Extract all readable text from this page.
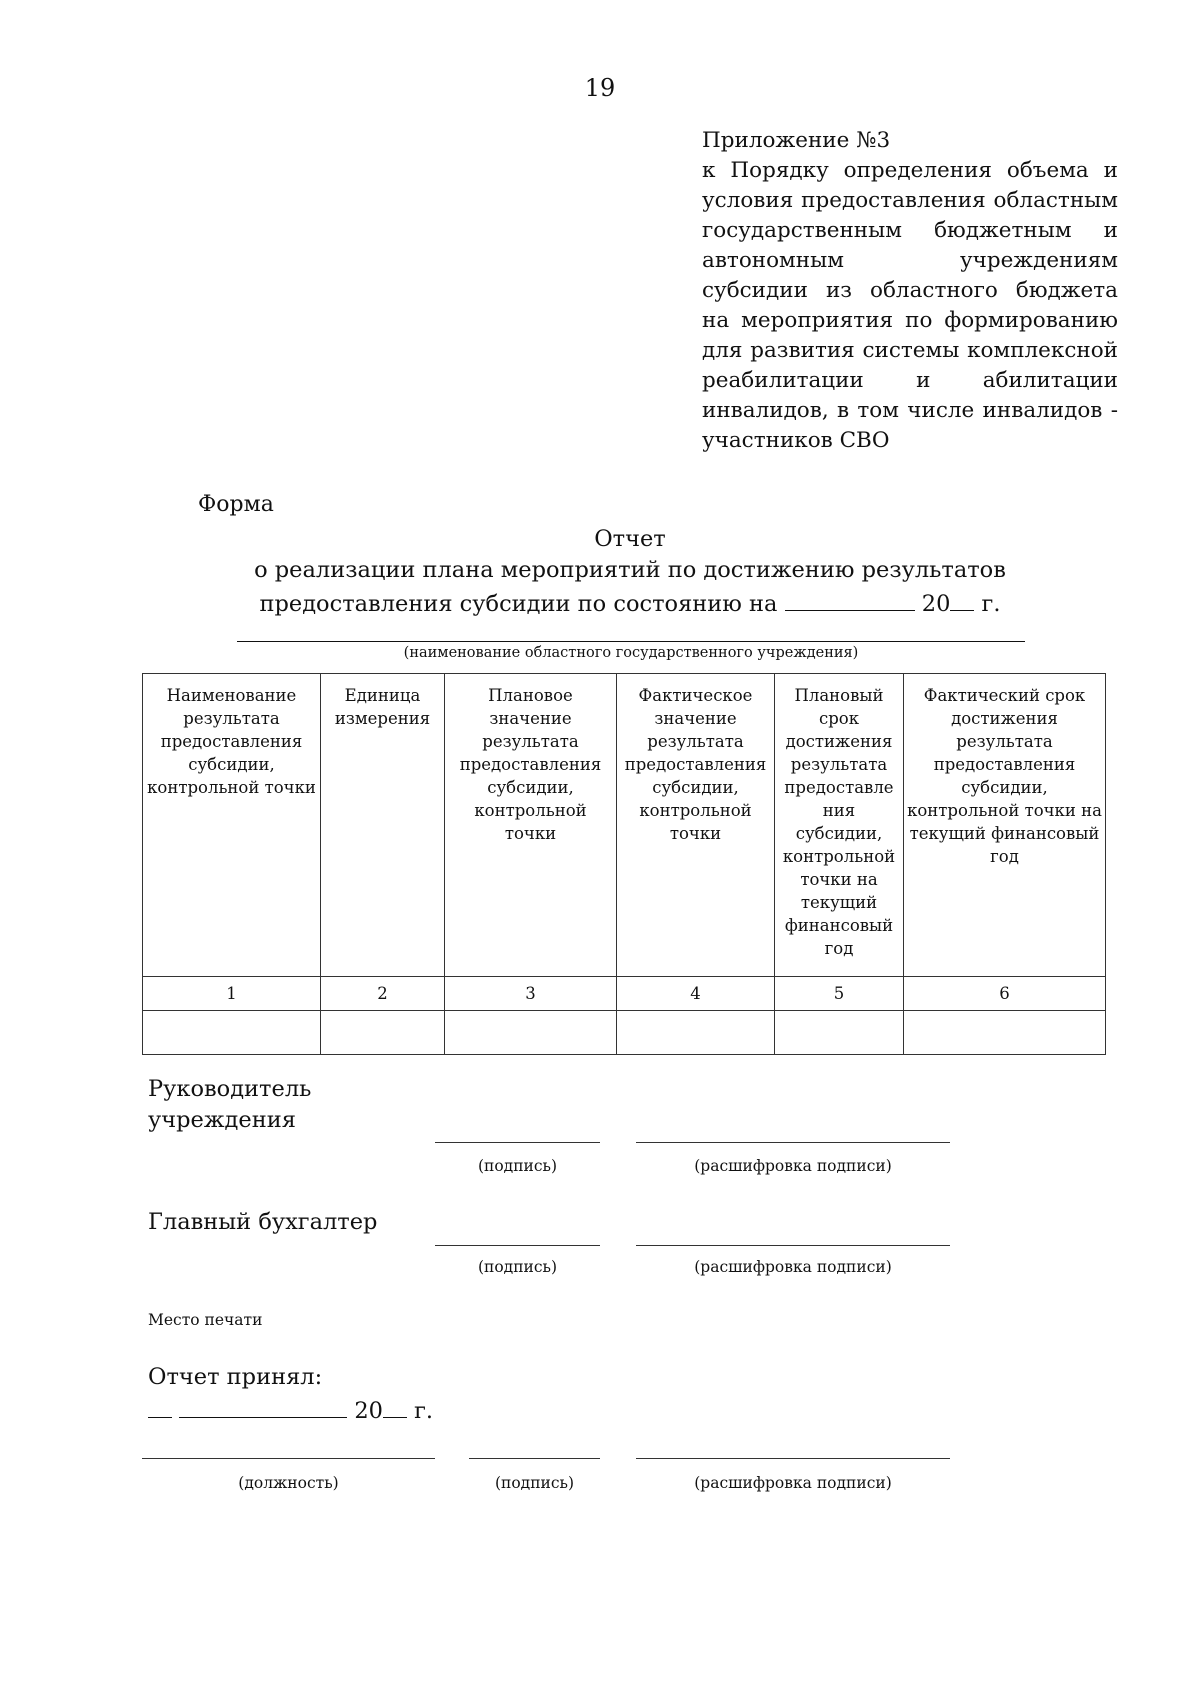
19
Приложение №3
к Порядку определения объема и условия предоставления областным государственным бюджетным и автономным учреждениям субсидии из областного бюджета на мероприятия по формированию для развития системы комплексной реабилитации и абилитации инвалидов, в том числе инвалидов - участников СВО
Форма
Отчет
о реализации плана мероприятий по достижению результатов
предоставления субсидии по состоянию на	20 г.
(наименование областного государственного учреждения)
Наименование результата предоставления субсидии, контрольной точки	Единица измерения	Плановое значение результата предоставления субсидии, контрольной точки	Фактическое значение результата предоставления субсидии, контрольной точки	Плановый срок достижения результата предоставле ния субсидии, контрольной точки на текущий финансовый год	Фактический срок достижения результата предоставления субсидии, контрольной точки на текущий финансовый год
1	2	3	4	5	6

Руководитель
учреждения
(подпись)	(расшифровка подписи)
Главный бухгалтер
(подпись)	(расшифровка подписи)
Место печати
Отчет принял:
20 г.
(должность)	(подпись)	(расшифровка подписи)
